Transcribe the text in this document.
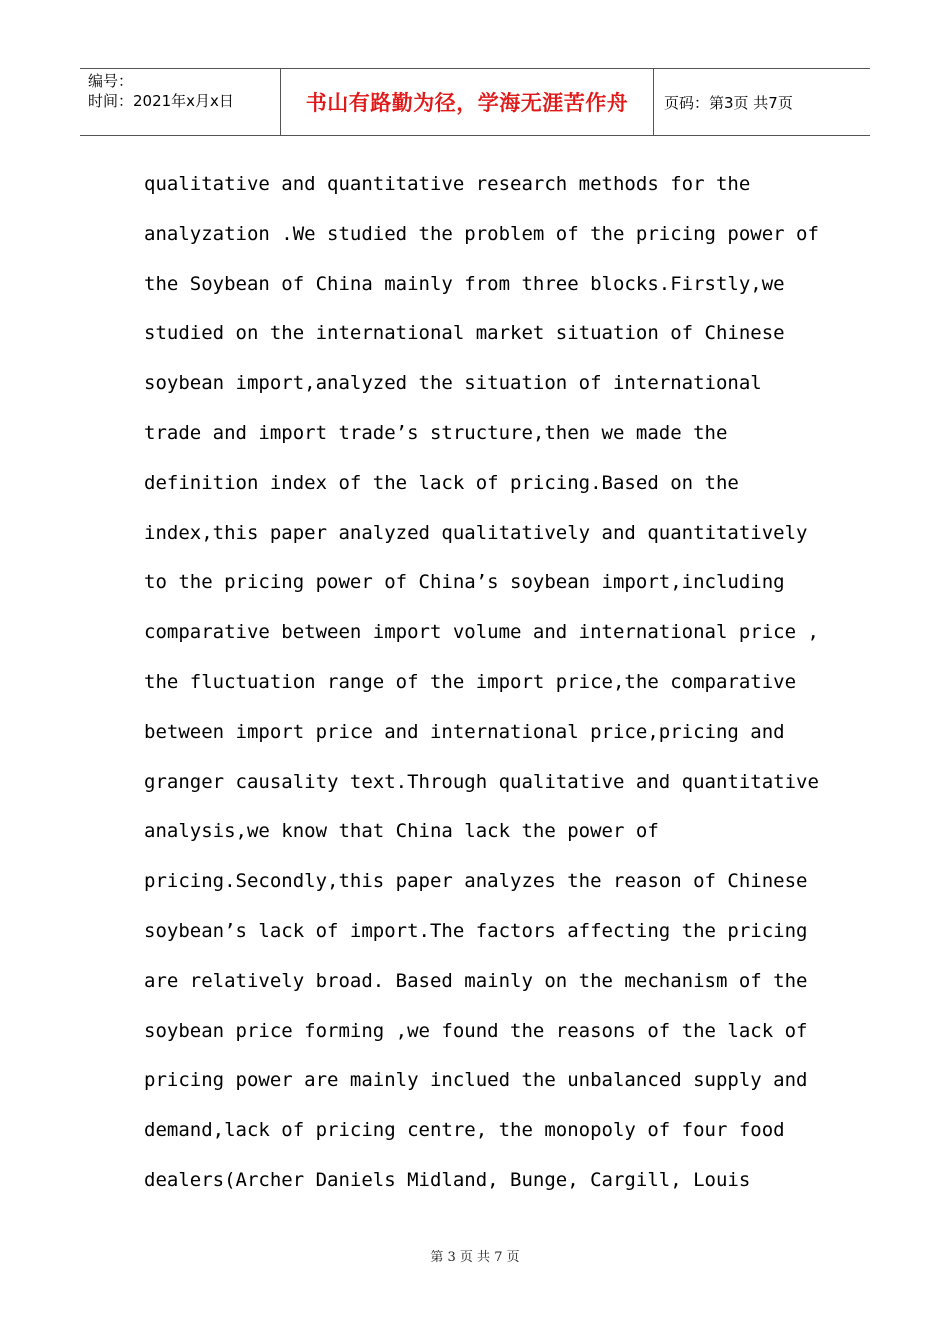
编号：
时间：2021年x月x日	书山有路勤为径，学海无涯苦作舟	页码：第3页 共7页
qualitative and quantitative research methods for the
analyzation .We studied the problem of the pricing power of
the Soybean of China mainly from three blocks.Firstly,we
studied on the international market situation of Chinese
soybean import,analyzed the situation of international
trade and import trade’s structure,then we made the
definition index of the lack of pricing.Based on the
index,this paper analyzed qualitatively and quantitatively
to the pricing power of China’s soybean import,including
comparative between import volume and international price ,
the fluctuation range of the import price,the comparative
between import price and international price,pricing and
granger causality text.Through qualitative and quantitative
analysis,we know that China lack the power of
pricing.Secondly,this paper analyzes the reason of Chinese
soybean’s lack of import.The factors affecting the pricing
are relatively broad. Based mainly on the mechanism of the
soybean price forming ,we found the reasons of the lack of
pricing power are mainly inclued the unbalanced supply and
demand,lack of pricing centre, the monopoly of four food
dealers(Archer Daniels Midland, Bunge, Cargill, Louis
第 3 页 共 7 页
